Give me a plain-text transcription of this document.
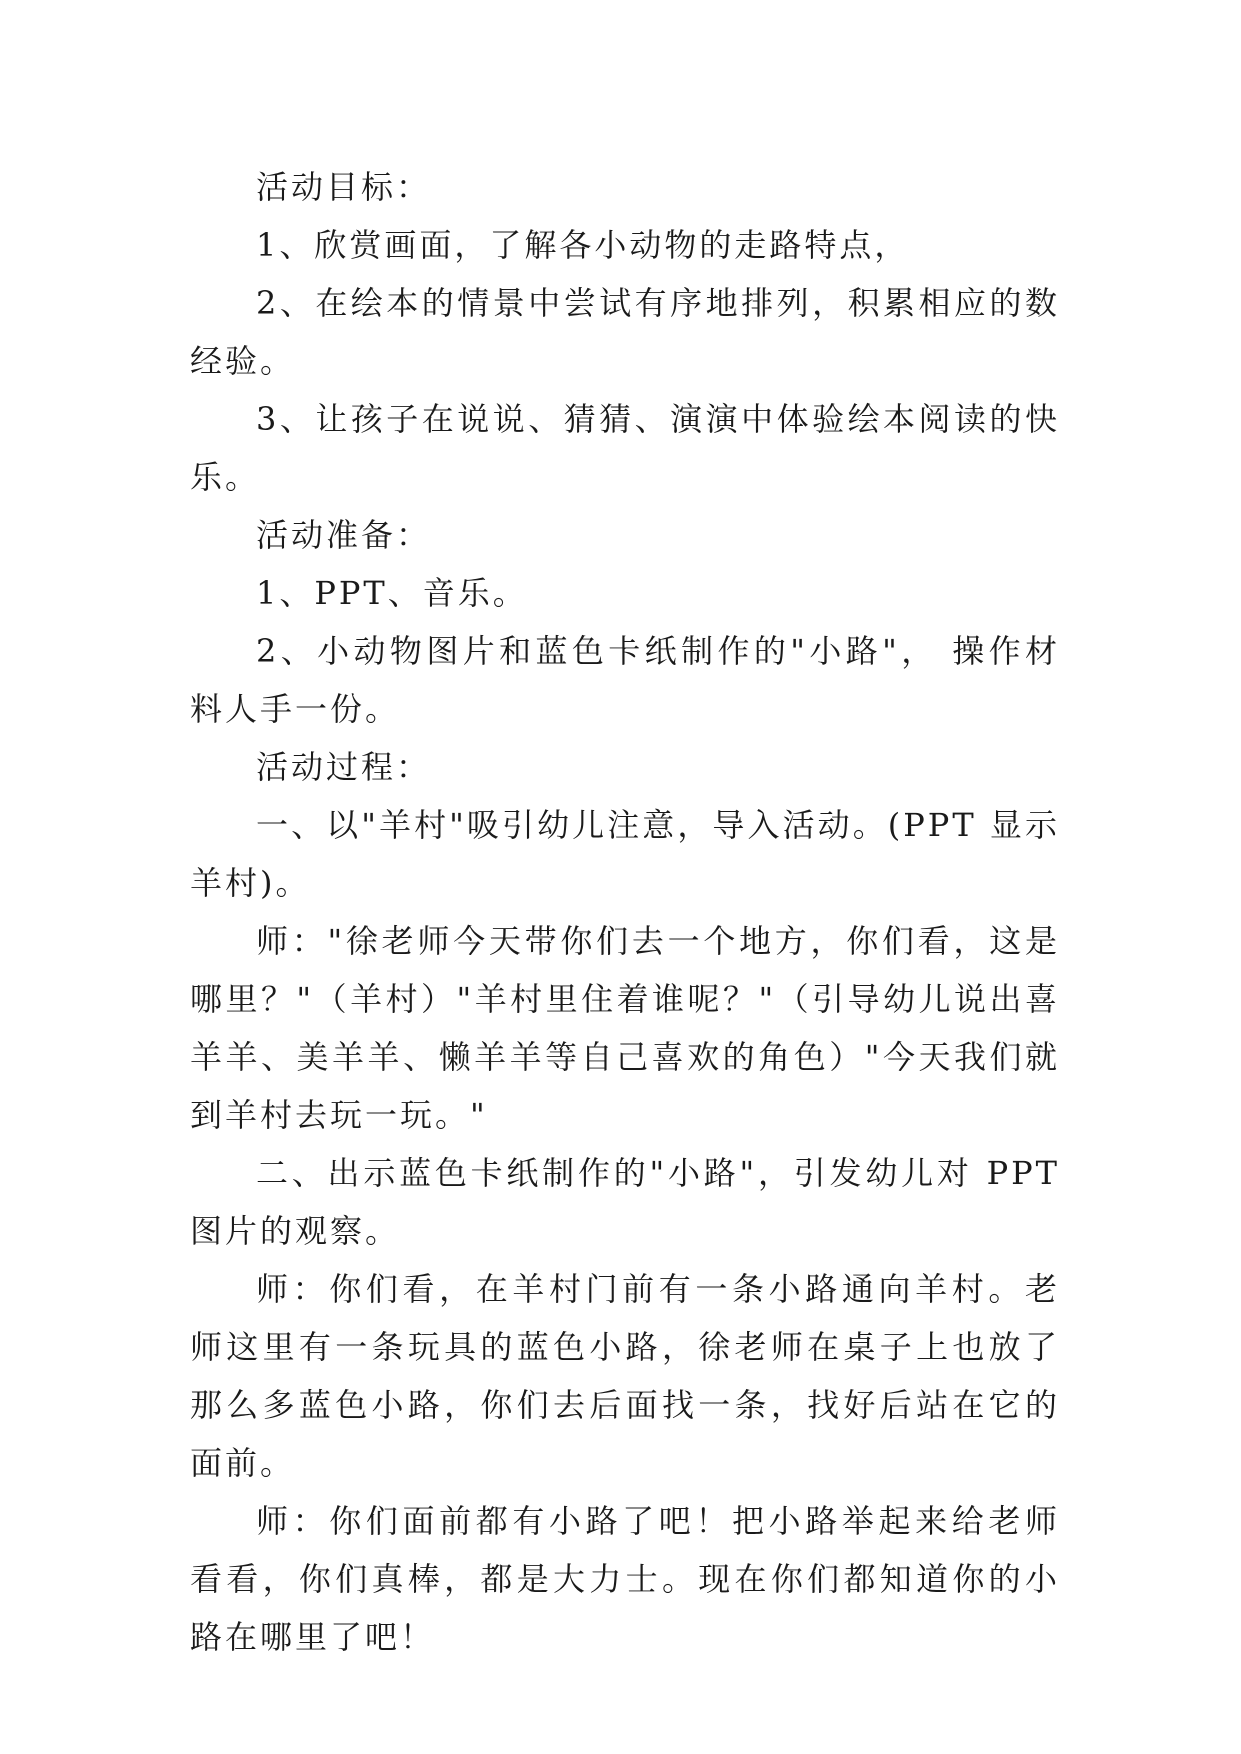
活动目标：

1、欣赏画面，了解各小动物的走路特点，

2、在绘本的情景中尝试有序地排列，积累相应的数经验。

3、让孩子在说说、猜猜、演演中体验绘本阅读的快乐。

活动准备：

1、PPT、音乐。

2、小动物图片和蓝色卡纸制作的"小路"， 操作材料人手一份。

活动过程：

一、以"羊村"吸引幼儿注意，导入活动。(PPT 显示羊村)。

师："徐老师今天带你们去一个地方，你们看，这是哪里？"（羊村）"羊村里住着谁呢？"（引导幼儿说出喜羊羊、美羊羊、懒羊羊等自己喜欢的角色）"今天我们就到羊村去玩一玩。"

二、出示蓝色卡纸制作的"小路"，引发幼儿对 PPT 图片的观察。

师：你们看，在羊村门前有一条小路通向羊村。老师这里有一条玩具的蓝色小路，徐老师在桌子上也放了那么多蓝色小路，你们去后面找一条，找好后站在它的面前。

师：你们面前都有小路了吧！把小路举起来给老师看看，你们真棒，都是大力士。现在你们都知道你的小路在哪里了吧！
